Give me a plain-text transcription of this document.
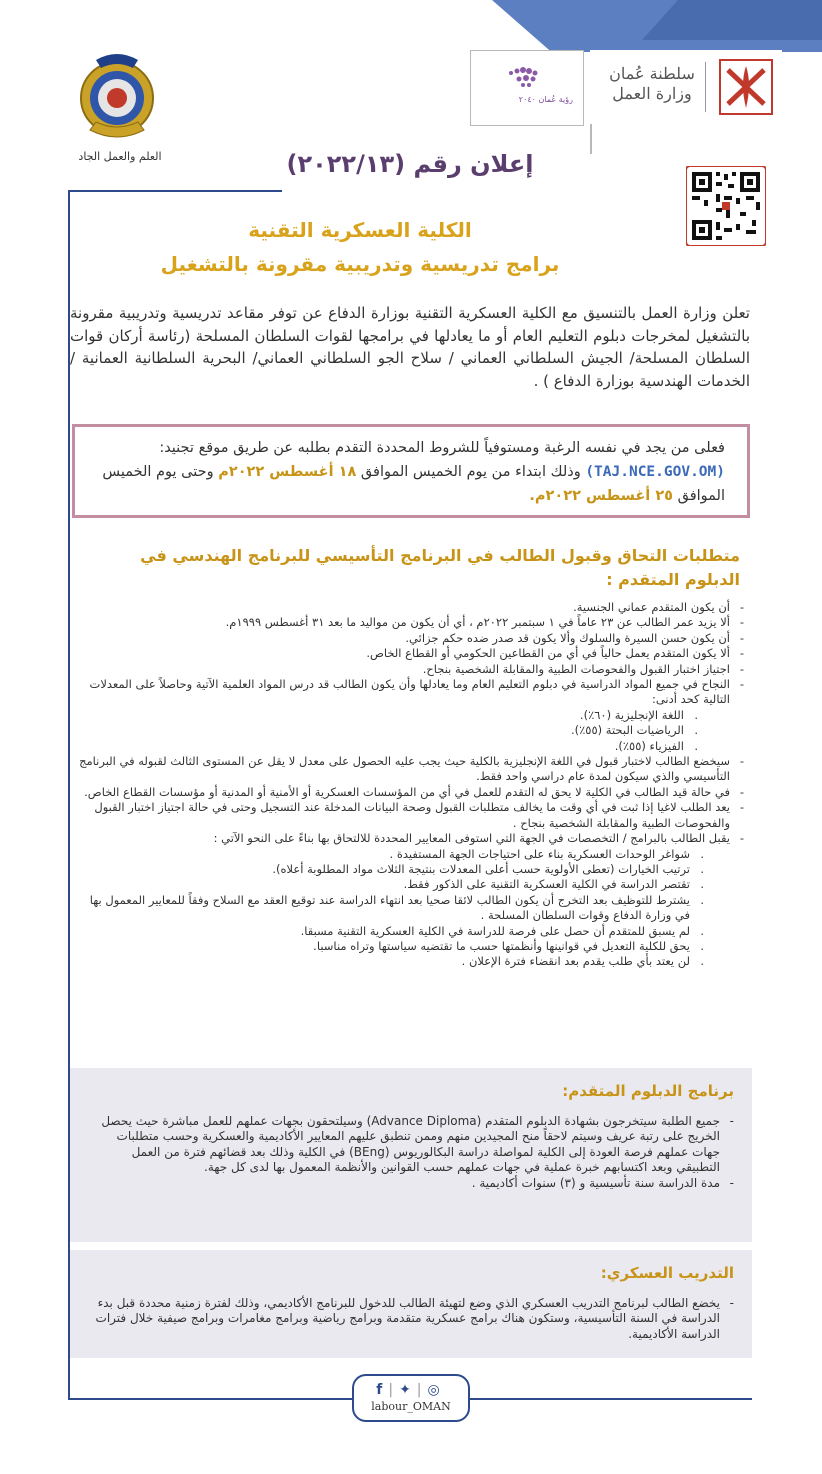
العلم والعمل الجاد
رؤية عُمان ٢٠٤٠
سلطنة عُمان
وزارة العمل
إعلان رقم (٢٠٢٢/١٣)
الكلية العسكرية التقنية
برامج تدريسية وتدريبية مقرونة بالتشغيل
تعلن وزارة العمل بالتنسيق مع الكلية العسكرية التقنية بوزارة الدفاع عن توفر مقاعد تدريسية وتدريبية مقرونة بالتشغيل لمخرجات دبلوم التعليم العام أو ما يعادلها في برامجها لقوات السلطان المسلحة (رئاسة أركان قوات السلطان المسلحة/ الجيش السلطاني العماني / سلاح الجو السلطاني العماني/ البحرية السلطانية العمانية / الخدمات الهندسية بوزارة الدفاع ) .
فعلى من يجد في نفسه الرغبة ومستوفياً للشروط المحددة التقدم بطلبه عن طريق موقع تجنيد: (TAJ.NCE.GOV.OM) وذلك ابتداء من يوم الخميس الموافق ١٨ أغسطس ٢٠٢٢م وحتى يوم الخميس الموافق ٢٥ أغسطس ٢٠٢٢م.
متطلبات التحاق وقبول الطالب في البرنامج التأسيسي للبرنامج الهندسي في الدبلوم المتقدم :
- أن يكون المتقدم عماني الجنسية.
- ألا يزيد عمر الطالب عن ٢٣ عاماً في ١ سبتمبر ٢٠٢٢م ، أي أن يكون من مواليد ما بعد ٣١ أغسطس ١٩٩٩م.
- أن يكون حسن السيرة والسلوك وألا يكون قد صدر ضده حكم جزائي.
- ألا يكون المتقدم يعمل حالياً في أي من القطاعين الحكومي أو القطاع الخاص.
- اجتياز اختبار القبول والفحوصات الطبية والمقابلة الشخصية بنجاح.
- النجاح في جميع المواد الدراسية في دبلوم التعليم العام وما يعادلها وأن يكون الطالب قد درس المواد العلمية الآتية وحاصلاً على المعدلات التالية كحد أدنى:
. اللغة الإنجليزية (٦٠٪).
. الرياضيات البحتة (٥٥٪).
. الفيزياء (٥٥٪).
- سيخضع الطالب لاختبار قبول في اللغة الإنجليزية بالكلية حيث يجب عليه الحصول على معدل لا يقل عن المستوى الثالث لقبوله في البرنامج التأسيسي والذي سيكون لمدة عام دراسي واحد فقط.
- في حالة قيد الطالب في الكلية لا يحق له التقدم للعمل في أي من المؤسسات العسكرية أو الأمنية أو المدنية أو مؤسسات القطاع الخاص.
- يعد الطلب لاغيا إذا ثبت في أي وقت ما يخالف متطلبات القبول وصحة البيانات المدخلة عند التسجيل وحتى في حالة اجتياز اختبار القبول والفحوصات الطبية والمقابلة الشخصية بنجاح .
- يقبل الطالب بالبرامج / التخصصات في الجهة التي استوفى المعايير المحددة للالتحاق بها بناءً على النحو الآتي :
. شواغر الوحدات العسكرية بناء على احتياجات الجهة المستفيدة .
. ترتيب الخيارات (تعطى الأولوية حسب أعلى المعدلات بنتيجة الثلاث مواد المطلوبة أعلاه).
. تقتصر الدراسة في الكلية العسكرية التقنية على الذكور فقط.
. يشترط للتوظيف بعد التخرج أن يكون الطالب لائقا صحيا بعد انتهاء الدراسة عند توقيع العقد مع السلاح وفقاً للمعايير المعمول بها في وزارة الدفاع وقوات السلطان المسلحة .
. لم يسبق للمتقدم أن حصل على فرصة للدراسة في الكلية العسكرية التقنية مسبقا.
. يحق للكلية التعديل في قوانينها وأنظمتها حسب ما تقتضيه سياستها وتراه مناسبا.
. لن يعتد بأي طلب يقدم بعد انقضاء فترة الإعلان .
برنامج الدبلوم المتقدم:
- جميع الطلبة سيتخرجون بشهادة الدبلوم المتقدم (Advance Diploma) وسيلتحقون بجهات عملهم للعمل مباشرة حيث يحصل الخريج على رتبة عريف وسيتم لاحقاً منح المجيدين منهم وممن تنطبق عليهم المعايير الأكاديمية والعسكرية وحسب متطلبات جهات عملهم فرصة العودة إلى الكلية لمواصلة دراسة البكالوريوس (BEng) في الكلية وذلك بعد قضائهم فترة من العمل التطبيقي وبعد اكتسابهم خبرة عملية في جهات عملهم حسب القوانين والأنظمة المعمول بها لدى كل جهة.
- مدة الدراسة سنة تأسيسية و (٣) سنوات أكاديمية .
التدريب العسكري:
- يخضع الطالب لبرنامج التدريب العسكري الذي وضع لتهيئة الطالب للدخول للبرنامج الأكاديمي، وذلك لفترة زمنية محددة قبل بدء الدراسة في السنة التأسيسية، وستكون هناك برامج عسكرية متقدمة وبرامج رياضية وبرامج مغامرات وبرامج صيفية خلال فترات الدراسة الأكاديمية.
f|✦|◎
labour_OMAN
